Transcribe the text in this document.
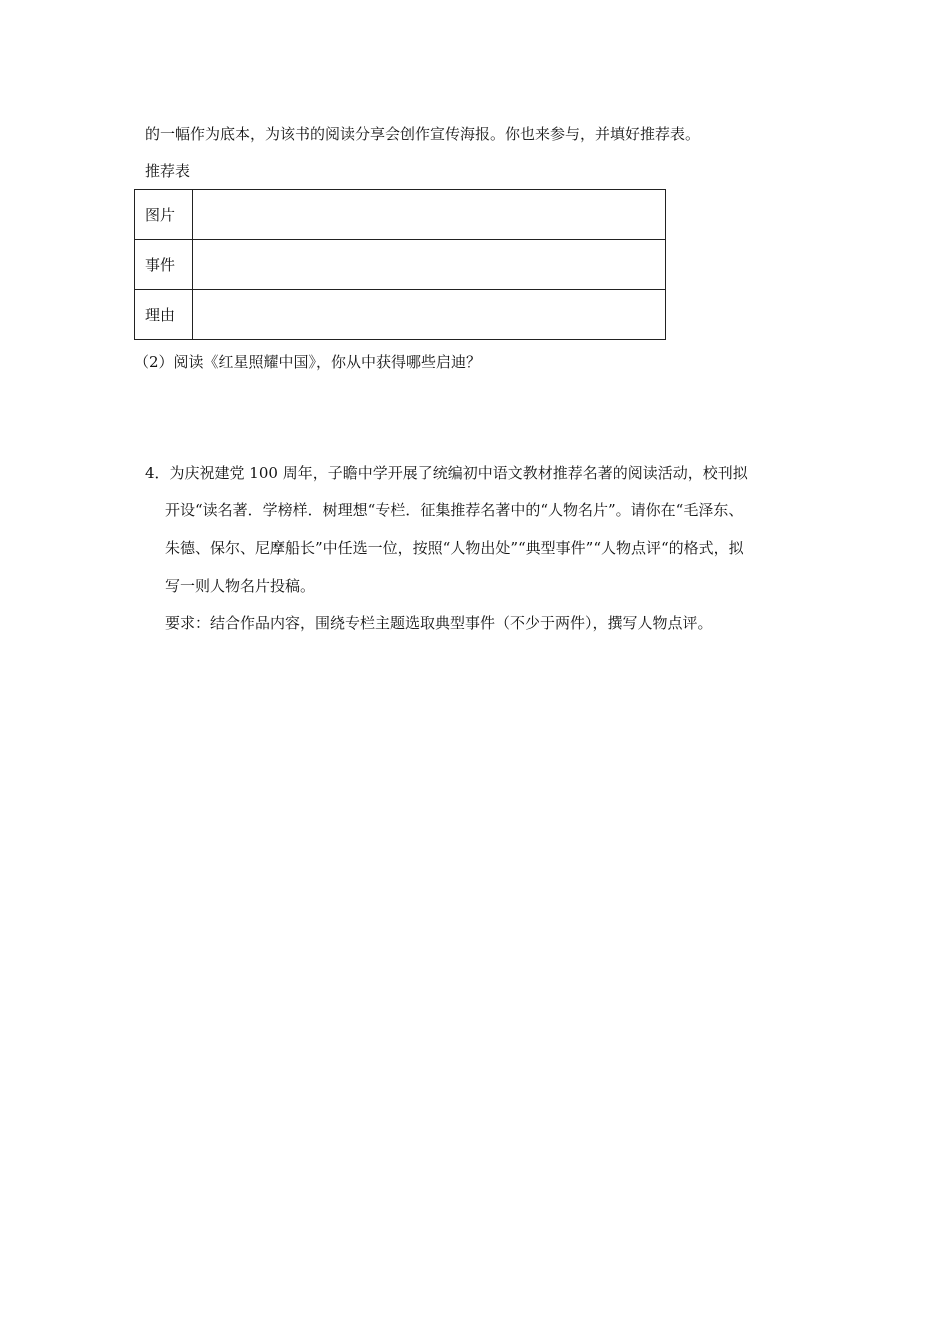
的一幅作为底本，为该书的阅读分享会创作宣传海报。你也来参与，并填好推荐表。
推荐表
图片	
事件	
理由	
（2）阅读《红星照耀中国》，你从中获得哪些启迪？
4．为庆祝建党 100 周年，子瞻中学开展了统编初中语文教材推荐名著的阅读活动，校刊拟
开设“读名著．学榜样．树理想“专栏．征集推荐名著中的“人物名片”。请你在“毛泽东、
朱德、保尔、尼摩船长”中任选一位，按照“人物出处”“典型事件”“人物点评“的格式，拟
写一则人物名片投稿。
要求：结合作品内容，围绕专栏主题选取典型事件（不少于两件），撰写人物点评。
